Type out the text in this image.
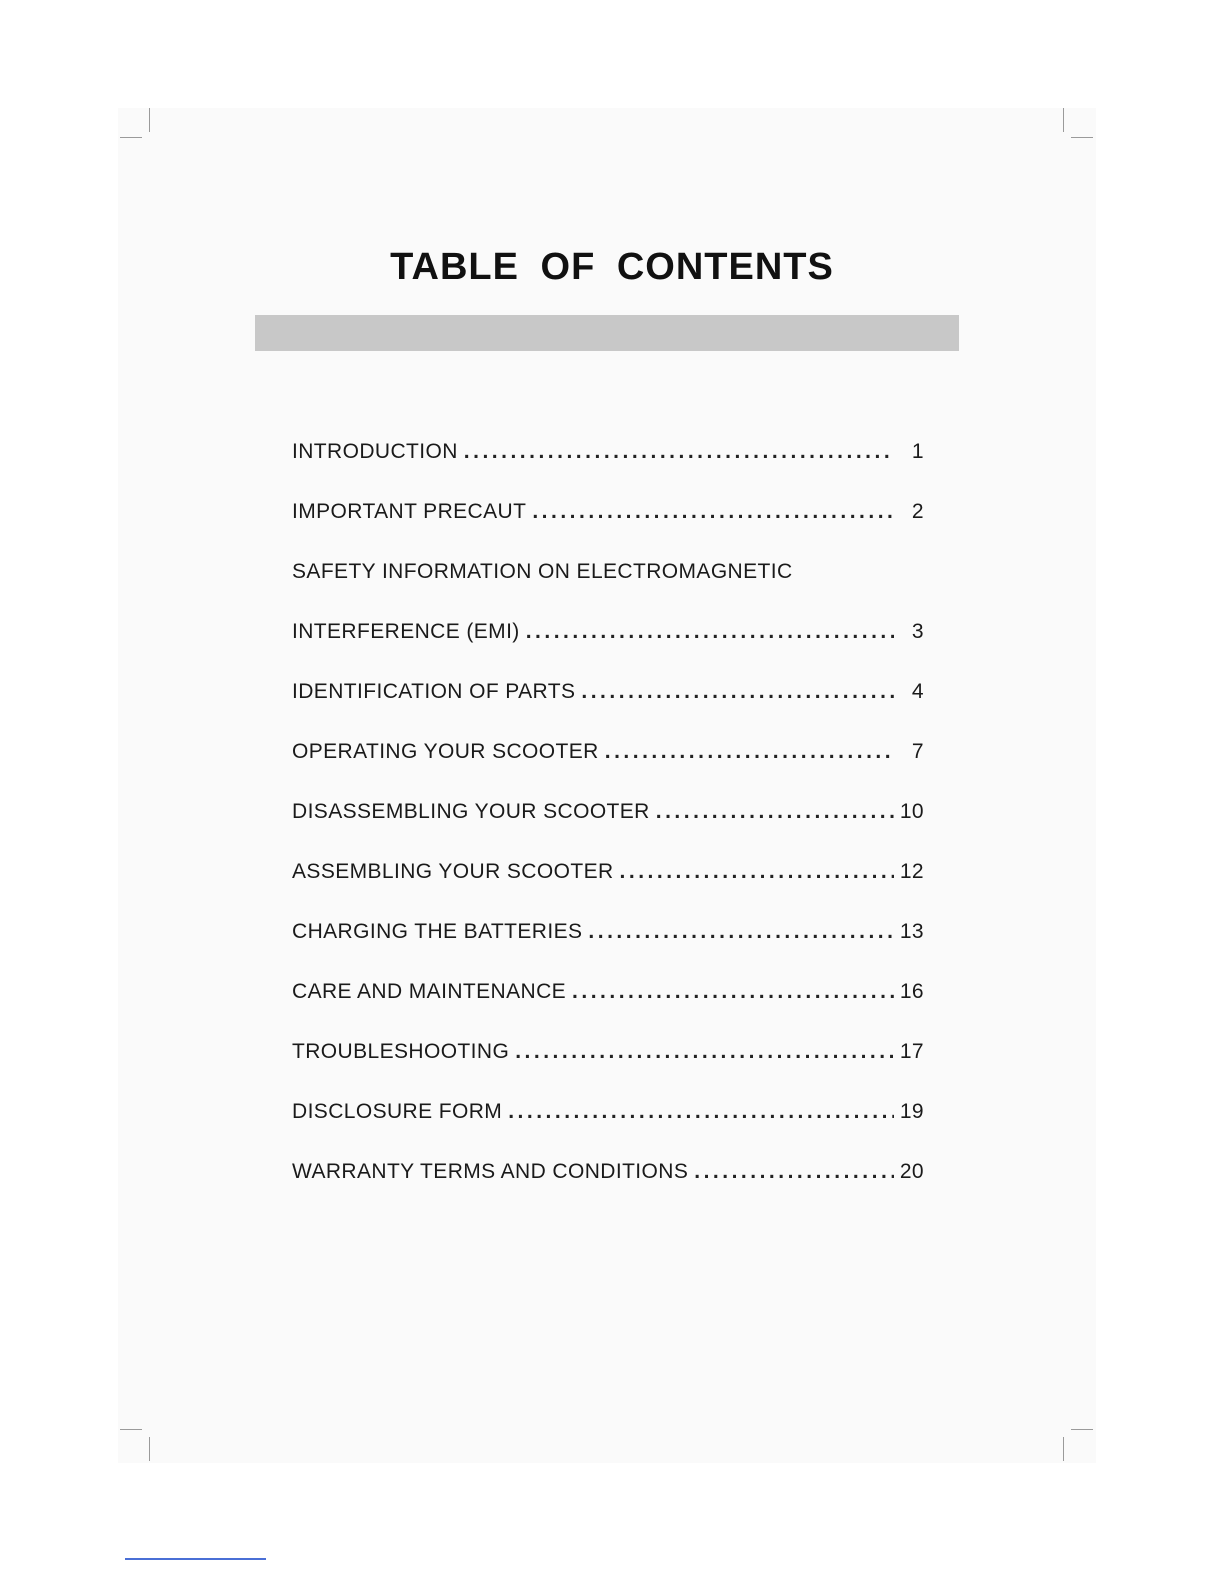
TABLE OF CONTENTS
INTRODUCTION .....	1
IMPORTANT PRECAUT .....	2
SAFETY INFORMATION ON ELECTROMAGNETIC
INTERFERENCE (EMI) .....	3
IDENTIFICATION OF PARTS .....	4
OPERATING YOUR SCOOTER .....	7
DISASSEMBLING YOUR SCOOTER .....	10
ASSEMBLING YOUR SCOOTER .....	12
CHARGING THE BATTERIES .....	13
CARE AND MAINTENANCE .....	16
TROUBLESHOOTING .....	17
DISCLOSURE FORM .....	19
WARRANTY TERMS AND CONDITIONS .....	20
